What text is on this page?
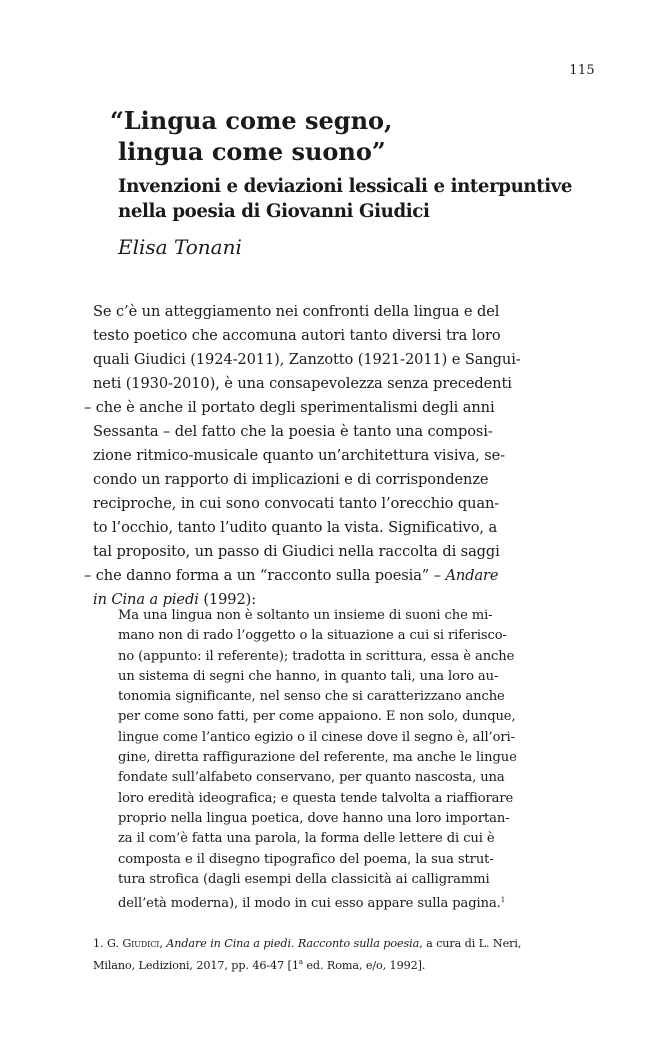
115
“Lingua come segno,
lingua come suono”
Invenzioni e deviazioni lessicali e interpuntive
nella poesia di Giovanni Giudici
Elisa Tonani
Se c’è un atteggiamento nei confronti della lingua e del
testo poetico che accomuna autori tanto diversi tra loro
quali Giudici (1924-2011), Zanzotto (1921-2011) e Sangui-
neti (1930-2010), è una consapevolezza senza precedenti
– che è anche il portato degli sperimentalismi degli anni
Sessanta – del fatto che la poesia è tanto una composi-
zione ritmico-musicale quanto un’architettura visiva, se-
condo un rapporto di implicazioni e di corrispondenze
reciproche, in cui sono convocati tanto l’orecchio quan-
to l’occhio, tanto l’udito quanto la vista. Significativo, a
tal proposito, un passo di Giudici nella raccolta di saggi
– che danno forma a un “racconto sulla poesia” – Andare
in Cina a piedi (1992):
Ma una lingua non è soltanto un insieme di suoni che mi-
mano non di rado l’oggetto o la situazione a cui si riferisco-
no (appunto: il referente); tradotta in scrittura, essa è anche
un sistema di segni che hanno, in quanto tali, una loro au-
tonomia significante, nel senso che si caratterizzano anche
per come sono fatti, per come appaiono. E non solo, dunque,
lingue come l’antico egizio o il cinese dove il segno è, all’ori-
gine, diretta raffigurazione del referente, ma anche le lingue
fondate sull’alfabeto conservano, per quanto nascosta, una
loro eredità ideografica; e questa tende talvolta a riaffiorare
proprio nella lingua poetica, dove hanno una loro importan-
za il com’è fatta una parola, la forma delle lettere di cui è
composta e il disegno tipografico del poema, la sua strut-
tura strofica (dagli esempi della classicità ai calligrammi
dell’età moderna), il modo in cui esso appare sulla pagina.$^1$
1. G. Giudici, Andare in Cina a piedi. Racconto sulla poesia, a cura di L. Neri,
Milano, Ledizioni, 2017, pp. 46-47 [1$^a$ ed. Roma, e/o, 1992].
